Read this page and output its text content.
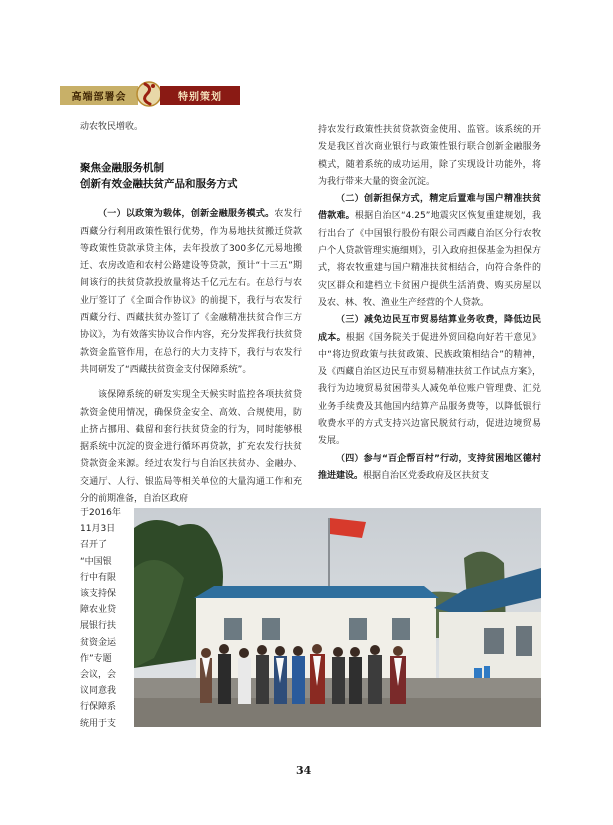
高端部署会	特别策划

动农牧民增收。

聚焦金融服务机制
创新有效金融扶贫产品和服务方式

（一）以政策为载体，创新金融服务模式。农发行西藏分行利用政策性银行优势，作为易地扶贫搬迁贷款等政策性贷款承贷主体，去年投放了300多亿元易地搬迁、农房改造和农村公路建设等贷款，预计“十三五”期间该行的扶贫贷款投放量将达千亿元左右。在总行与农业厅签订了《全面合作协议》的前提下，我行与农发行西藏分行、西藏扶贫办签订了《金融精准扶贫合作三方协议》，为有效落实协议合作内容，充分发挥我行扶贫贷款资金监管作用，在总行的大力支持下，我行与农发行共同研发了“西藏扶贫资金支付保障系统”。

该保障系统的研发实现全天候实时监控各项扶贫贷款资金使用情况，确保贷金安全、高效、合规使用，防止挤占挪用、截留和套行扶贫贷金的行为，同时能够根据系统中沉淀的资金进行循环再贷款，扩充农发行扶贫贷款资金来源。经过农发行与自治区扶贫办、金融办、交通厅、人行、银监局等相关单位的大量沟通工作和充分的前期准备，自治区政府

于2016年
11月3日
召开了
“中国银
行中有限
该支持保
障农业贷
展银行扶
贫资金运
作”专题
会议，会
议同意我
行保障系
统用于支

持农发行政策性扶贫贷款资金使用、监管。该系统的开发是我区首次商业银行与政策性银行联合创新金融服务模式，随着系统的成功运用，除了实现设计功能外，将为我行带来大量的资金沉淀。

（二）创新担保方式，精定后置难与国户精准扶贫借款难。根据自治区“4.25”地震灾区恢复重建规划，我行出台了《中国银行股份有限公司西藏自治区分行农牧户个人贷款管理实施细则》，引入政府担保基金为担保方式，将农牧重建与国户精准扶贫相结合，向符合条件的灾区群众和建档立卡贫困户提供生活消费、购买房屋以及农、林、牧、渔业生产经营的个人贷款。

（三）减免边民互市贸易结算业务收费，降低边民成本。根据《国务院关于促进外贸回稳向好若干意见》中“将边贸政策与扶贫政策、民族政策相结合”的精神，及《西藏自治区边民互市贸易精准扶贫工作试点方案》，我行为边境贸易贫困带头人减免单位账户管理费、汇兑业务手续费及其他国内结算产品服务费等，以降低银行收费水平的方式支持兴边富民脱贫行动，促进边境贸易发展。

（四）参与“百企帮百村”行动，支持贫困地区德村推进建设。根据自治区党委政府及区扶贫支

34
